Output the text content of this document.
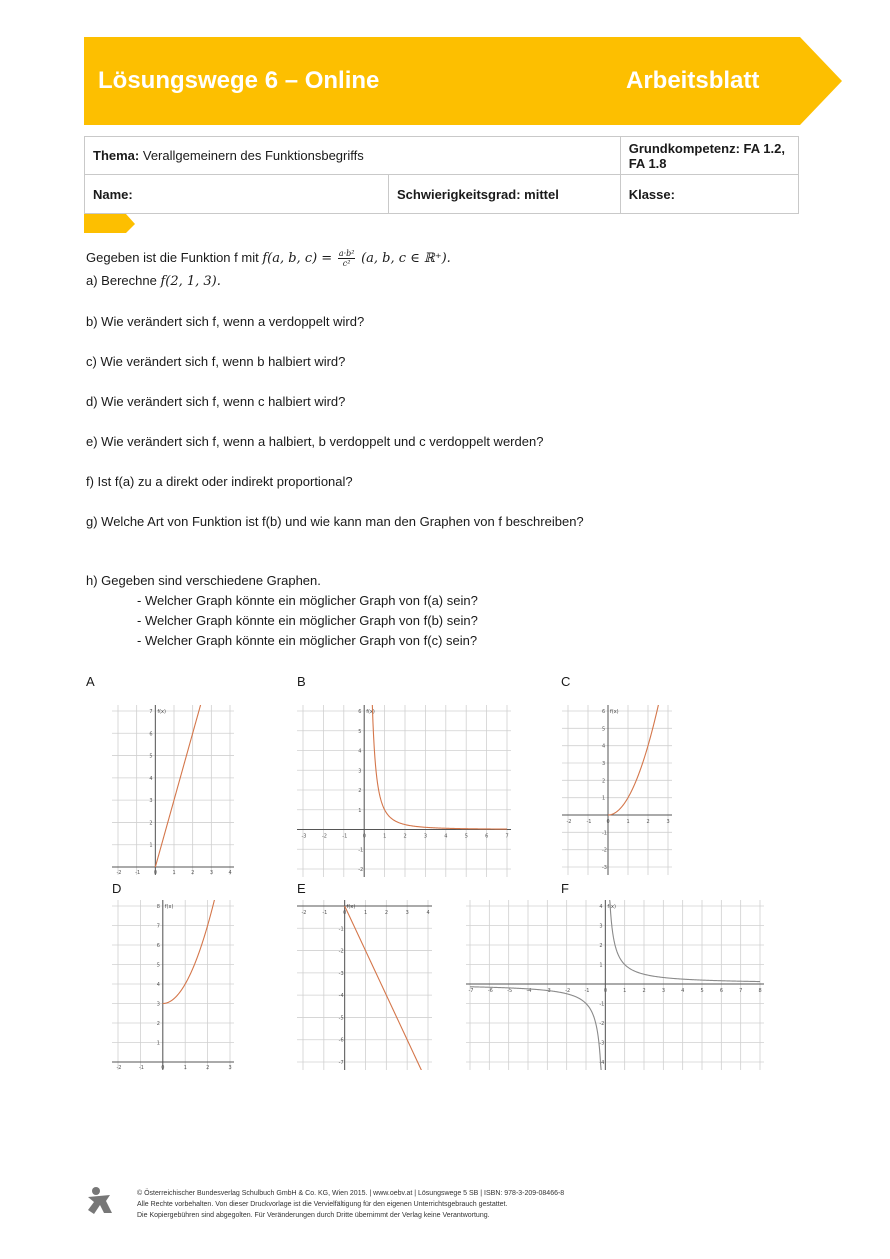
Lösungswege 6 – Online	Arbeitsblatt
Thema: Verallgemeinern des Funktionsbegriffs		Grundkompetenz: FA 1.2, FA 1.8
Name:	Schwierigkeitsgrad: mittel	Klasse:
Gegeben ist die Funktion f mit f(a, b, $c) = \frac{\text{a·b²}}{\text{c²}} (a$, b, c ∈ ℝ⁺).
a) Berechne f(2, 1, 3).
b) Wie verändert sich f, wenn a verdoppelt wird?
c) Wie verändert sich f, wenn b halbiert wird?
d) Wie verändert sich f, wenn c halbiert wird?
e) Wie verändert sich f, wenn a halbiert, b verdoppelt und c verdoppelt werden?
f) Ist f(a) zu a direkt oder indirekt proportional?
g) Welche Art von Funktion ist f(b) und wie kann man den Graphen von f beschreiben?
h) Gegeben sind verschiedene Graphen.
- Welcher Graph könnte ein möglicher Graph von f(a) sein?
- Welcher Graph könnte ein möglicher Graph von f(b) sein?
- Welcher Graph könnte ein möglicher Graph von f(c) sein?
A	B	C
D	E	F
-2	-1	0	1	2	3	4
1
2
3
4
5
6
7 f(x)
-3	-2	-1	0	1	2	3	4	5	6	7
-2
-1
1
2
3
4
5
6 f(x)
-2	-1	0	1	2	3
-3
-2
-1
1
2
3
4
5
6 f(x)
-2	-1	0	1	2	3
1
2
3
4
5
6
7
8 f(x)
-2	-1	0	1	2	3	4
-7
-6
-5
-4
-3
-2
-1
f(x)
-7	-6	-5	-4	-3	-2	-1	0	1	2	3	4	5	6	7	8
-4
-3
-2
-1
1
2
3
4 f(x)
© Österreichischer Bundesverlag Schulbuch GmbH & Co. KG, Wien 2015. | www.oebv.at | Lösungswege 5 SB | ISBN: 978-3-209-08466-8
Alle Rechte vorbehalten. Von dieser Druckvorlage ist die Vervielfältigung für den eigenen Unterrichtsgebrauch gestattet.
Die Kopiergebühren sind abgegolten. Für Veränderungen durch Dritte übernimmt der Verlag keine Verantwortung.
